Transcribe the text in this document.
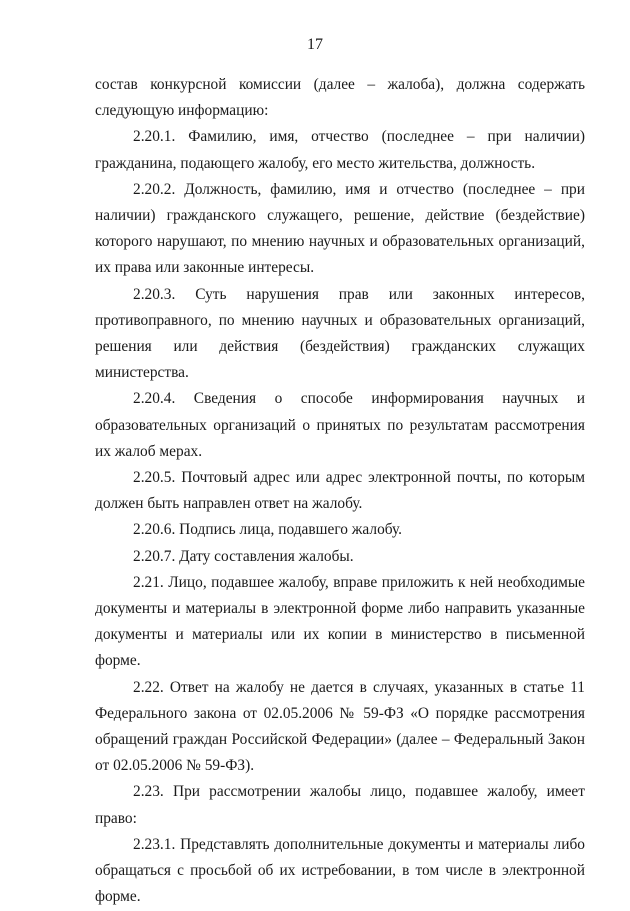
17

состав конкурсной комиссии (далее – жалоба), должна содержать следующую информацию:

2.20.1. Фамилию, имя, отчество (последнее – при наличии) гражданина, подающего жалобу, его место жительства, должность.

2.20.2. Должность, фамилию, имя и отчество (последнее – при наличии) гражданского служащего, решение, действие (бездействие) которого нарушают, по мнению научных и образовательных организаций, их права или законные интересы.

2.20.3. Суть нарушения прав или законных интересов, противоправного, по мнению научных и образовательных организаций, решения или действия (бездействия) гражданских служащих министерства.

2.20.4. Сведения о способе информирования научных и образовательных организаций о принятых по результатам рассмотрения их жалоб мерах.

2.20.5. Почтовый адрес или адрес электронной почты, по которым должен быть направлен ответ на жалобу.

2.20.6. Подпись лица, подавшего жалобу.

2.20.7. Дату составления жалобы.

2.21. Лицо, подавшее жалобу, вправе приложить к ней необходимые документы и материалы в электронной форме либо направить указанные документы и материалы или их копии в министерство в письменной форме.

2.22. Ответ на жалобу не дается в случаях, указанных в статье 11 Федерального закона от 02.05.2006 № 59-ФЗ «О порядке рассмотрения обращений граждан Российской Федерации» (далее – Федеральный Закон от 02.05.2006 № 59-ФЗ).

2.23. При рассмотрении жалобы лицо, подавшее жалобу, имеет право:

2.23.1. Представлять дополнительные документы и материалы либо обращаться с просьбой об их истребовании, в том числе в электронной форме.
